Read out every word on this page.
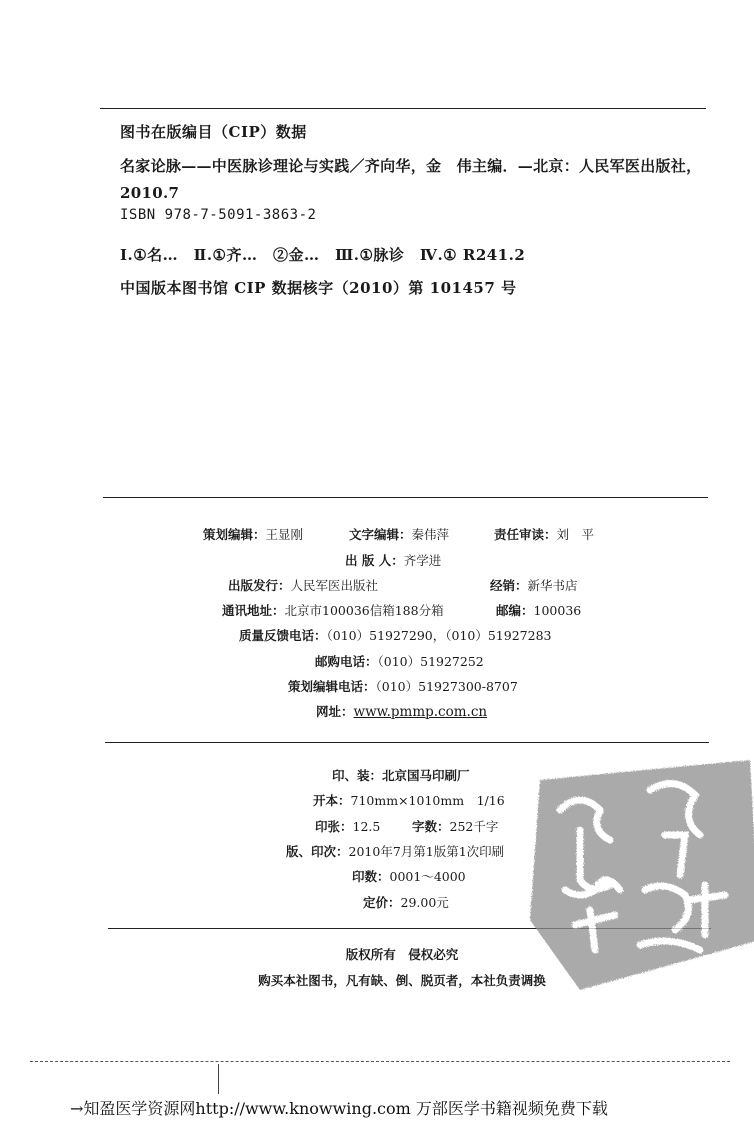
图书在版编目（CIP）数据
名家论脉——中医脉诊理论与实践／齐向华，金　伟主编．—北京：人民军医出版社，2010.7
ISBN 978-7-5091-3863-2
Ⅰ.①名…　Ⅱ.①齐…　②金…　Ⅲ.①脉诊　Ⅳ.① R241.2
中国版本图书馆 CIP 数据核字（2010）第 101457 号
策划编辑：王显刚	文字编辑：秦伟萍	责任审读：刘　平
出 版 人：齐学进
出版发行：人民军医出版社	经销：新华书店
通讯地址：北京市100036信箱188分箱	邮编：100036
质量反馈电话：（010）51927290，（010）51927283
邮购电话：（010）51927252
策划编辑电话：（010）51927300-8707
网址：www.pmmp.com.cn
印、装：北京国马印刷厂
开本：710mm×1010mm　1/16
印张：12.5	字数：252千字
版、印次：2010年7月第1版第1次印刷
印数：0001～4000
定价：29.00元
版权所有　侵权必究
购买本社图书，凡有缺、倒、脱页者，本社负责调换	PDG
→知盈医学资源网http://www.knowwing.com 万部医学书籍视频免费下载
